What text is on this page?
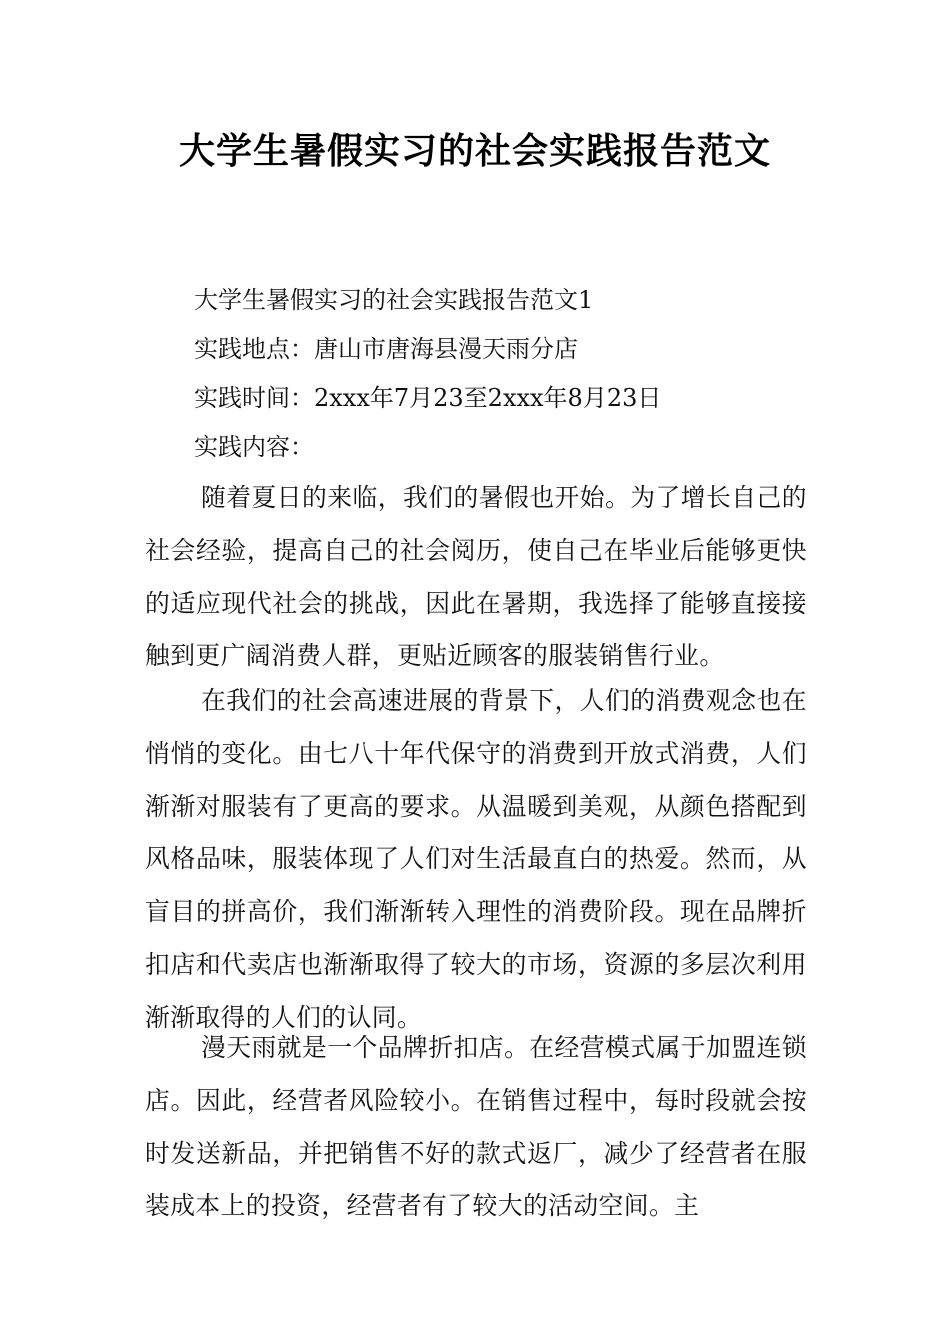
大学生暑假实习的社会实践报告范文
大学生暑假实习的社会实践报告范文1
实践地点：唐山市唐海县漫天雨分店
实践时间：2xxx年7月23至2xxx年8月23日
实践内容：

随着夏日的来临，我们的暑假也开始。为了增长自己的社会经验，提高自己的社会阅历，使自己在毕业后能够更快的适应现代社会的挑战，因此在暑期，我选择了能够直接接触到更广阔消费人群，更贴近顾客的服装销售行业。

在我们的社会高速进展的背景下，人们的消费观念也在悄悄的变化。由七八十年代保守的消费到开放式消费，人们渐渐对服装有了更高的要求。从温暖到美观，从颜色搭配到风格品味，服装体现了人们对生活最直白的热爱。然而，从盲目的拼高价，我们渐渐转入理性的消费阶段。现在品牌折扣店和代卖店也渐渐取得了较大的市场，资源的多层次利用渐渐取得的人们的认同。

漫天雨就是一个品牌折扣店。在经营模式属于加盟连锁店。因此，经营者风险较小。在销售过程中，每时段就会按时发送新品，并把销售不好的款式返厂，减少了经营者在服装成本上的投资，经营者有了较大的活动空间。主
